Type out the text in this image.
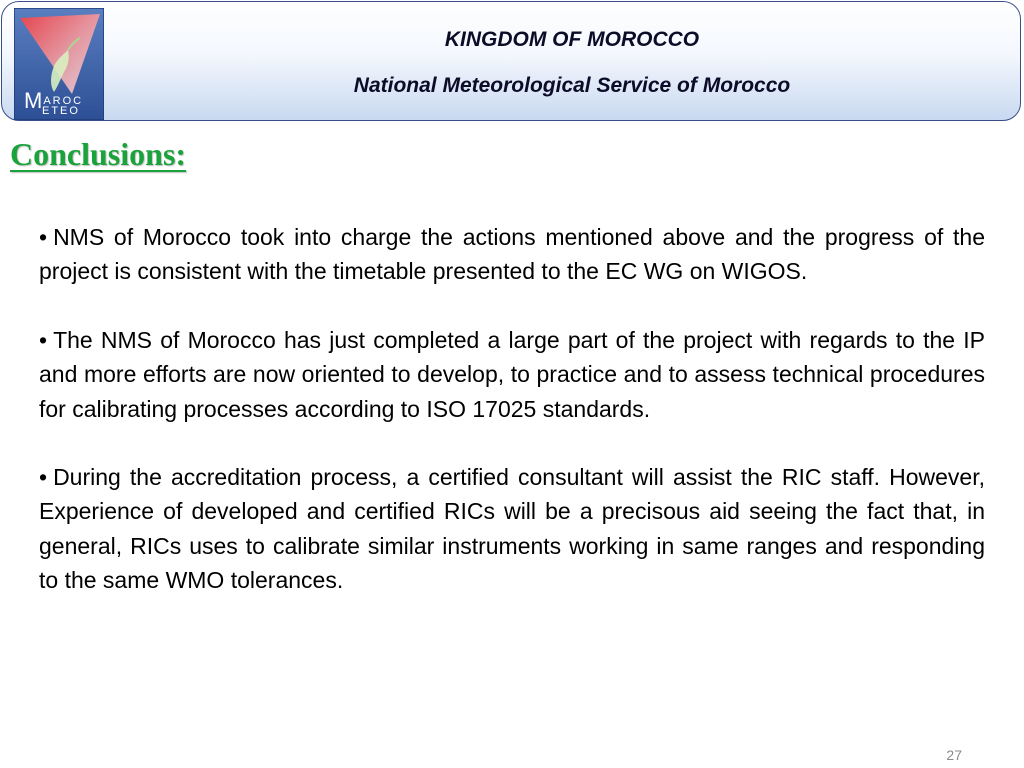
MAROC
ETEO

KINGDOM OF MOROCCO

National Meteorological Service of Morocco

Conclusions:

• NMS of Morocco took into charge the actions mentioned above and the progress of the project is consistent with the timetable presented to the EC WG on WIGOS.

• The NMS of Morocco has just completed a large part of the project with regards to the IP and more efforts are now oriented to develop, to practice and to assess technical procedures for calibrating processes according to ISO 17025 standards.

• During the accreditation process, a certified consultant will assist the RIC staff. However, Experience of developed and certified RICs will be a precisous aid seeing the fact that, in general, RICs uses to calibrate similar instruments working in same ranges and responding to the same WMO tolerances.

27
